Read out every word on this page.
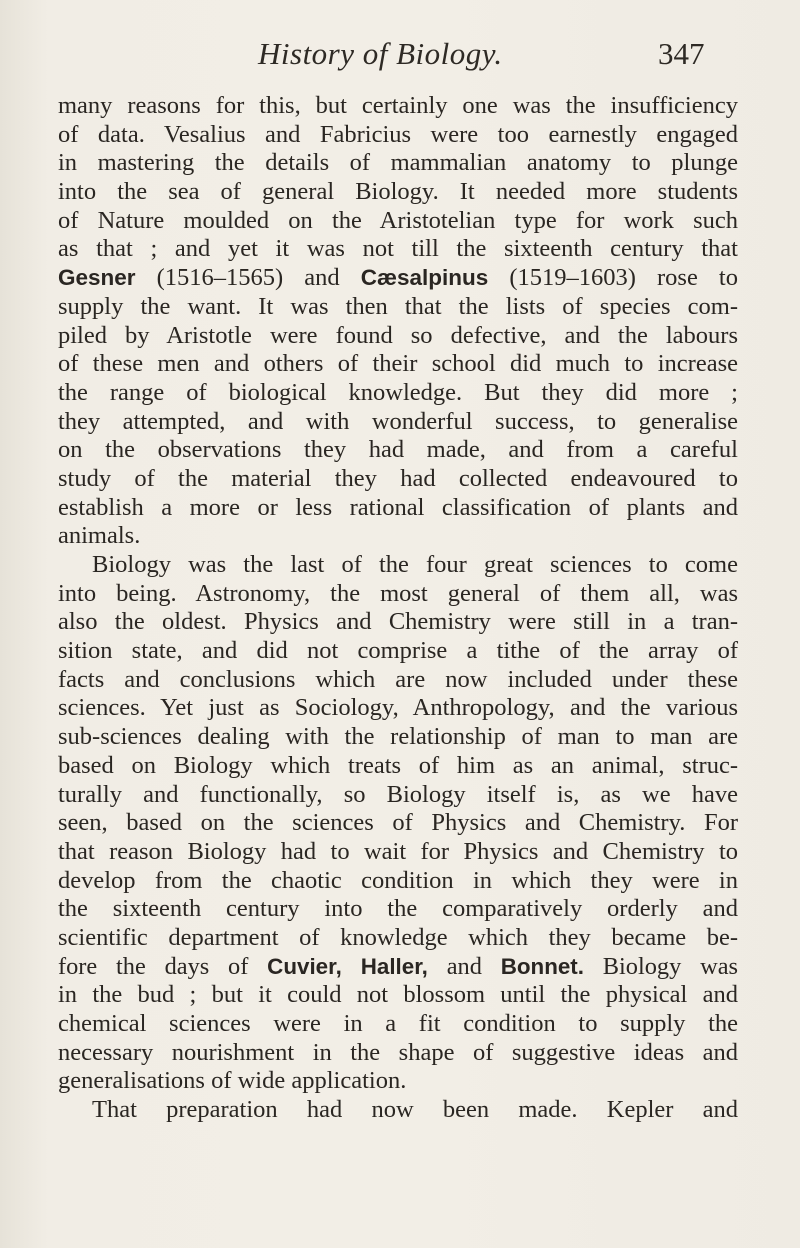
History of Biology.	347
many reasons for this, but certainly one was the insufficiency
of data. Vesalius and Fabricius were too earnestly engaged
in mastering the details of mammalian anatomy to plunge
into the sea of general Biology. It needed more students
of Nature moulded on the Aristotelian type for work such
as that ; and yet it was not till the sixteenth century that
Gesner (1516–1565) and Cæsalpinus (1519–1603) rose to
supply the want. It was then that the lists of species com-
piled by Aristotle were found so defective, and the labours
of these men and others of their school did much to increase
the range of biological knowledge. But they did more ;
they attempted, and with wonderful success, to generalise
on the observations they had made, and from a careful
study of the material they had collected endeavoured to
establish a more or less rational classification of plants and
animals.
Biology was the last of the four great sciences to come
into being. Astronomy, the most general of them all, was
also the oldest. Physics and Chemistry were still in a tran-
sition state, and did not comprise a tithe of the array of
facts and conclusions which are now included under these
sciences. Yet just as Sociology, Anthropology, and the various
sub-sciences dealing with the relationship of man to man are
based on Biology which treats of him as an animal, struc-
turally and functionally, so Biology itself is, as we have
seen, based on the sciences of Physics and Chemistry. For
that reason Biology had to wait for Physics and Chemistry to
develop from the chaotic condition in which they were in
the sixteenth century into the comparatively orderly and
scientific department of knowledge which they became be-
fore the days of Cuvier, Haller, and Bonnet. Biology was
in the bud ; but it could not blossom until the physical and
chemical sciences were in a fit condition to supply the
necessary nourishment in the shape of suggestive ideas and
generalisations of wide application.
That preparation had now been made. Kepler and
